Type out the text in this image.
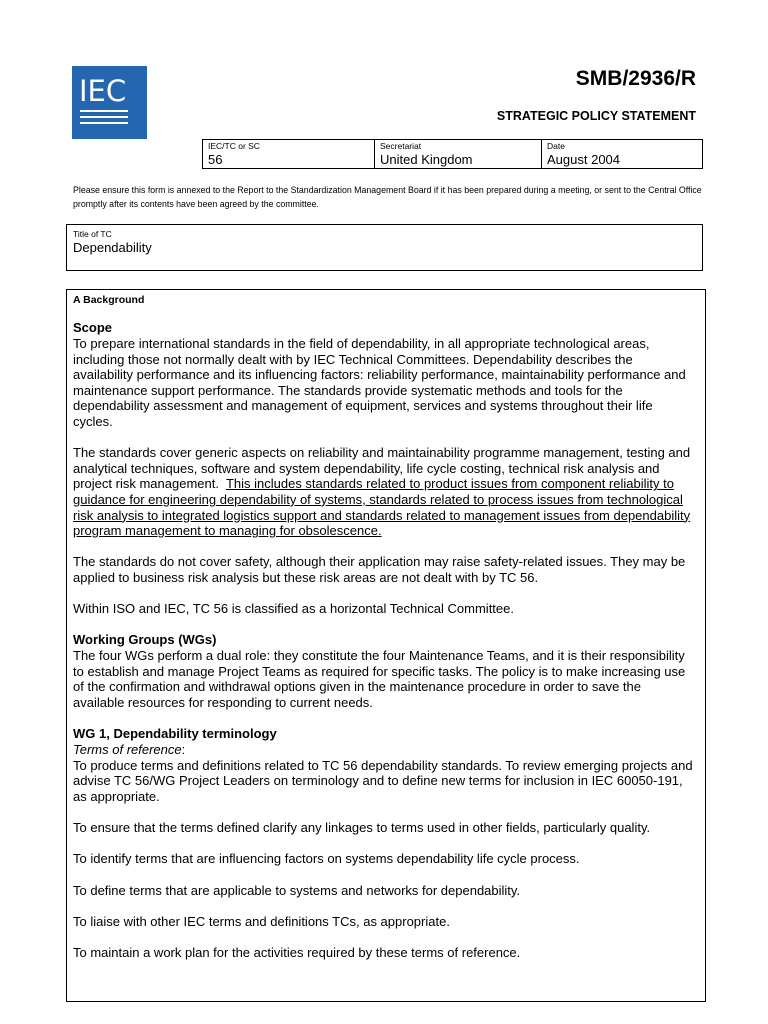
IEC	SMB/2936/R
STRATEGIC POLICY STATEMENT
IEC/TC or SC
56

Secretariat
United Kingdom

Date
August 2004
Please ensure this form is annexed to the Report to the Standardization Management Board if it has been prepared during a meeting, or sent to the Central Office promptly after its contents have been agreed by the committee.
Title of TC
Dependability
A Background
Scope

To prepare international standards in the field of dependability, in all appropriate technological areas, including those not normally dealt with by IEC Technical Committees. Dependability describes the availability performance and its influencing factors: reliability performance, maintainability performance and maintenance support performance. The standards provide systematic methods and tools for the dependability assessment and management of equipment, services and systems throughout their life cycles.

The standards cover generic aspects on reliability and maintainability programme management, testing and analytical techniques, software and system dependability, life cycle costing, technical risk analysis and project risk management. This includes standards related to product issues from component reliability to guidance for engineering dependability of systems, standards related to process issues from technological risk analysis to integrated logistics support and standards related to management issues from dependability program management to managing for obsolescence.

The standards do not cover safety, although their application may raise safety-related issues. They may be applied to business risk analysis but these risk areas are not dealt with by TC 56.

Within ISO and IEC, TC 56 is classified as a horizontal Technical Committee.

Working Groups (WGs)

The four WGs perform a dual role: they constitute the four Maintenance Teams, and it is their responsibility to establish and manage Project Teams as required for specific tasks. The policy is to make increasing use of the confirmation and withdrawal options given in the maintenance procedure in order to save the available resources for responding to current needs.

WG 1, Dependability terminology

Terms of reference:

To produce terms and definitions related to TC 56 dependability standards. To review emerging projects and advise TC 56/WG Project Leaders on terminology and to define new terms for inclusion in IEC 60050-191, as appropriate.

To ensure that the terms defined clarify any linkages to terms used in other fields, particularly quality.

To identify terms that are influencing factors on systems dependability life cycle process.

To define terms that are applicable to systems and networks for dependability.

To liaise with other IEC terms and definitions TCs, as appropriate.

To maintain a work plan for the activities required by these terms of reference.
